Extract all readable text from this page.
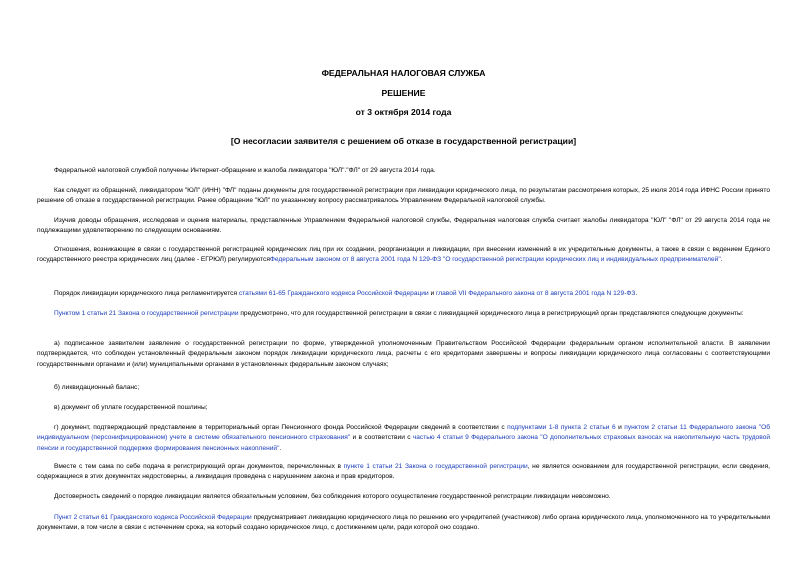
ФЕДЕРАЛЬНАЯ НАЛОГОВАЯ СЛУЖБА
РЕШЕНИЕ
от 3 октября 2014 года
[О несогласии заявителя с решением об отказе в государственной регистрации]

Федеральной налоговой службой получены Интернет-обращение и жалоба ликвидатора "ЮЛ"."ФЛ" от 29 августа 2014 года.

Как следует из обращений, ликвидатором "ЮЛ" (ИНН) "ФЛ" поданы документы для государственной регистрации при ликвидации юридического лица, по результатам рассмотрения которых, 25 июля 2014 года ИФНС России принято решение об отказе в государственной регистрации. Ранее обращение "ЮЛ" по указанному вопросу рассматривалось Управлением Федеральной налоговой службы.

Изучив доводы обращения, исследовав и оценив материалы, представленные Управлением Федеральной налоговой службы, Федеральная налоговая служба считает жалобы ликвидатора "ЮЛ" "ФЛ" от 29 августа 2014 года не подлежащими удовлетворению по следующим основаниям.

Отношения, возникающие в связи с государственной регистрацией юридических лиц при их создании, реорганизации и ликвидации, при внесении изменений в их учредительные документы, а также в связи с ведением Единого государственного реестра юридических лиц (далее - ЕГРЮЛ) регулируютсяФедеральным законом от 8 августа 2001 года N 129-ФЗ "О государственной регистрации юридических лиц и индивидуальных предпринимателей".

Порядок ликвидации юридического лица регламентируется статьями 61-65 Гражданского кодекса Российской Федерации и главой VII Федерального закона от 8 августа 2001 года N 129-ФЗ.

Пунктом 1 статьи 21 Закона о государственной регистрации предусмотрено, что для государственной регистрации в связи с ликвидацией юридического лица в регистрирующий орган представляются следующие документы:

а) подписанное заявителем заявление о государственной регистрации по форме, утвержденной уполномоченным Правительством Российской Федерации федеральным органом исполнительной власти. В заявлении подтверждается, что соблюден установленный федеральным законом порядок ликвидации юридического лица, расчеты с его кредиторами завершены и вопросы ликвидации юридического лица согласованы с соответствующими государственными органами и (или) муниципальными органами в установленных федеральным законом случаях;

б) ликвидационный баланс;

в) документ об уплате государственной пошлины;

г) документ, подтверждающий представление в территориальный орган Пенсионного фонда Российской Федерации сведений в соответствии с подпунктами 1-8 пункта 2 статьи 6 и пунктом 2 статьи 11 Федерального закона "Об индивидуальном (персонифицированном) учете в системе обязательного пенсионного страхования" и в соответствии с частью 4 статьи 9 Федерального закона "О дополнительных страховых взносах на накопительную часть трудовой пенсии и государственной поддержке формирования пенсионных накоплений".

Вместе с тем сама по себе подача в регистрирующий орган документов, перечисленных в пункте 1 статьи 21 Закона о государственной регистрации, не является основанием для государственной регистрации, если сведения, содержащиеся в этих документах недостоверны, а ликвидация проведена с нарушением закона и прав кредиторов.

Достоверность сведений о порядке ликвидации является обязательным условием, без соблюдения которого осуществление государственной регистрации ликвидации невозможно.

Пункт 2 статьи 61 Гражданского кодекса Российской Федерации предусматривает ликвидацию юридического лица по решению его учредителей (участников) либо органа юридического лица, уполномоченного на то учредительными документами, в том числе в связи с истечением срока, на который создано юридическое лицо, с достижением цели, ради которой оно создано.
